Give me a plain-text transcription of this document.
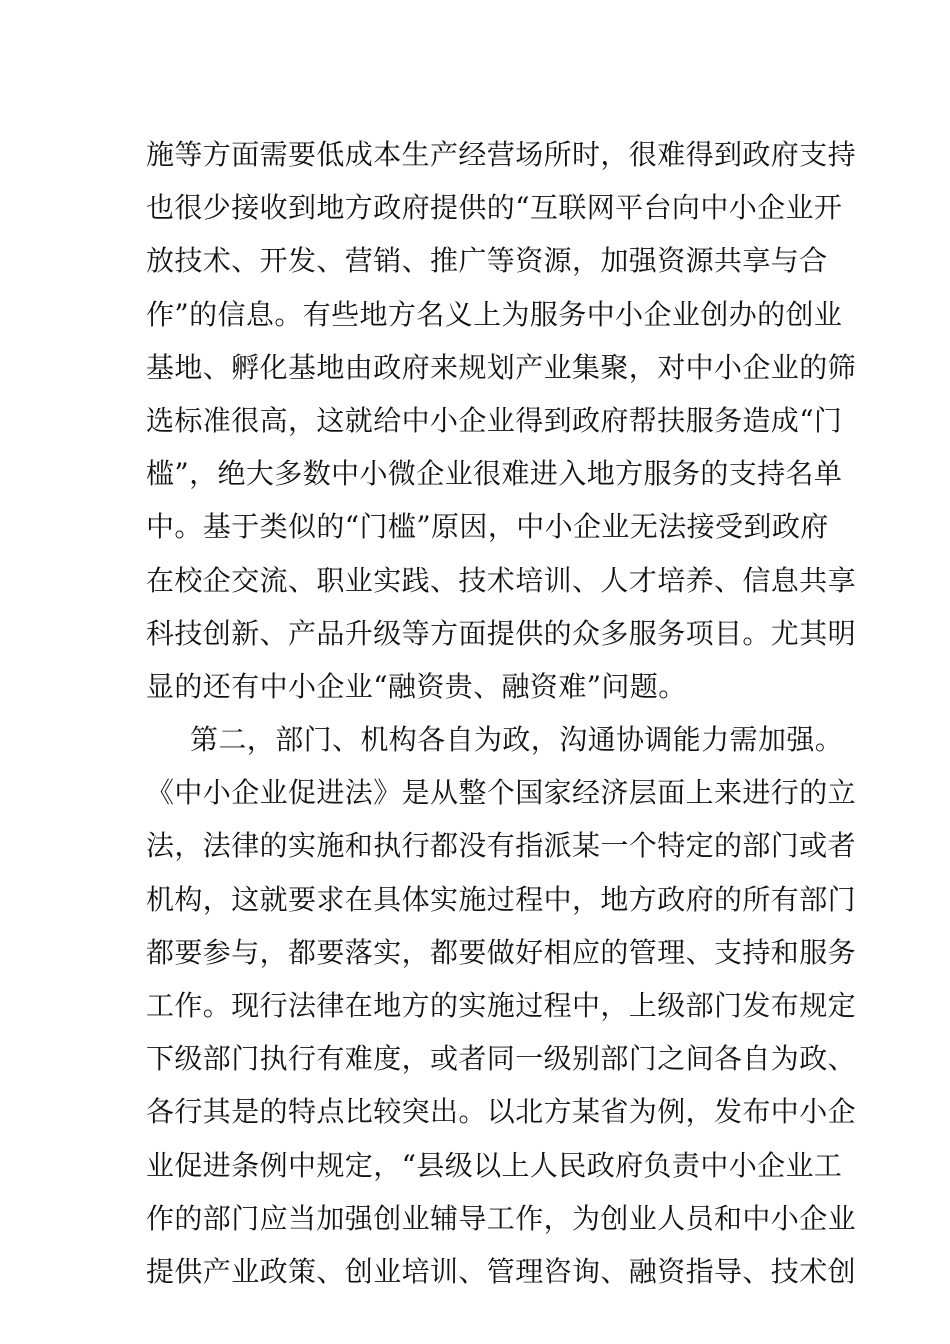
施等方面需要低成本生产经营场所时，很难得到政府支持
也很少接收到地方政府提供的“互联网平台向中小企业开
放技术、开发、营销、推广等资源，加强资源共享与合
作”的信息。有些地方名义上为服务中小企业创办的创业
基地、孵化基地由政府来规划产业集聚，对中小企业的筛
选标准很高，这就给中小企业得到政府帮扶服务造成“门
槛”，绝大多数中小微企业很难进入地方服务的支持名单
中。基于类似的“门槛”原因，中小企业无法接受到政府
在校企交流、职业实践、技术培训、人才培养、信息共享
科技创新、产品升级等方面提供的众多服务项目。尤其明
显的还有中小企业“融资贵、融资难”问题。
第二，部门、机构各自为政，沟通协调能力需加强。
《中小企业促进法》是从整个国家经济层面上来进行的立
法，法律的实施和执行都没有指派某一个特定的部门或者
机构，这就要求在具体实施过程中，地方政府的所有部门
都要参与，都要落实，都要做好相应的管理、支持和服务
工作。现行法律在地方的实施过程中，上级部门发布规定
下级部门执行有难度，或者同一级别部门之间各自为政、
各行其是的特点比较突出。以北方某省为例，发布中小企
业促进条例中规定，“县级以上人民政府负责中小企业工
作的部门应当加强创业辅导工作，为创业人员和中小企业
提供产业政策、创业培训、管理咨询、融资指导、技术创
